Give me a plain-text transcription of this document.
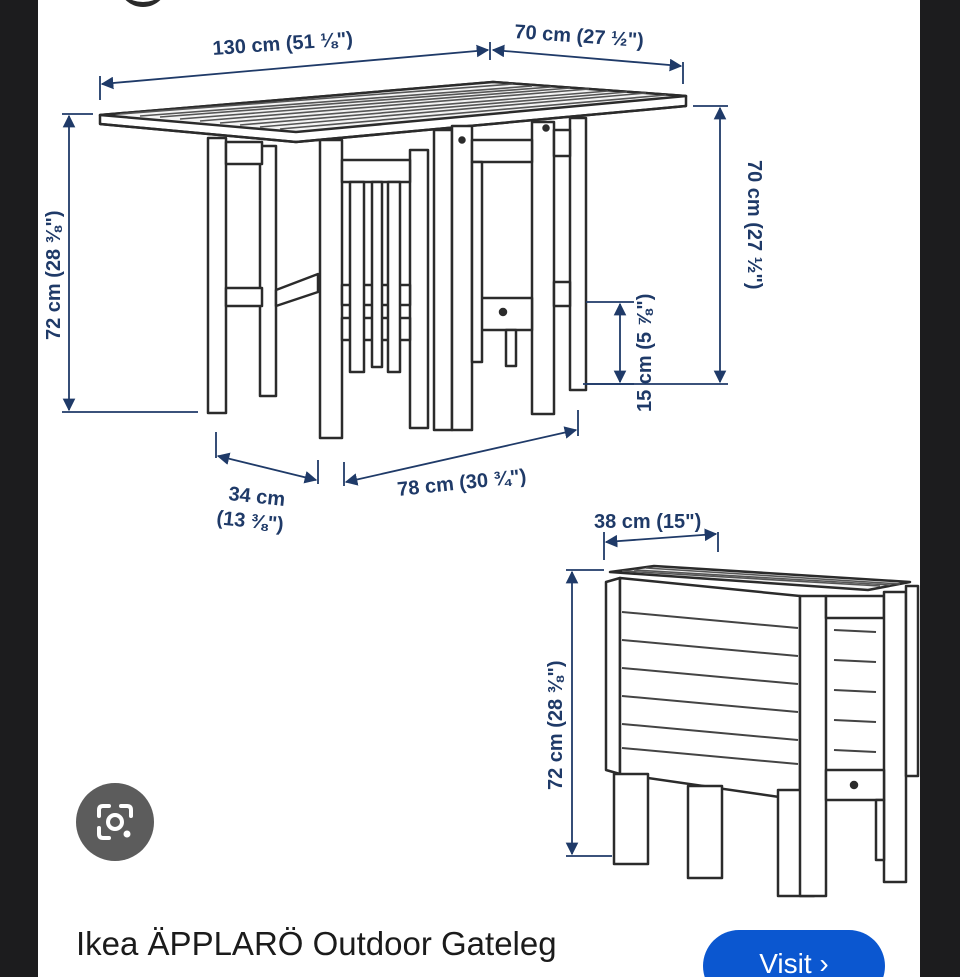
130 cm (51 ⅛")	70 cm (27 ½")
72 cm (28 ⅜")	70 cm (27 ½")
15 cm (5 ⅞")
34 cm
(13 ⅜")
78 cm (30 ¾")
38 cm (15")
72 cm (28 ⅜")
Ikea ÄPPLARÖ Outdoor Gateleg
Visit ›
